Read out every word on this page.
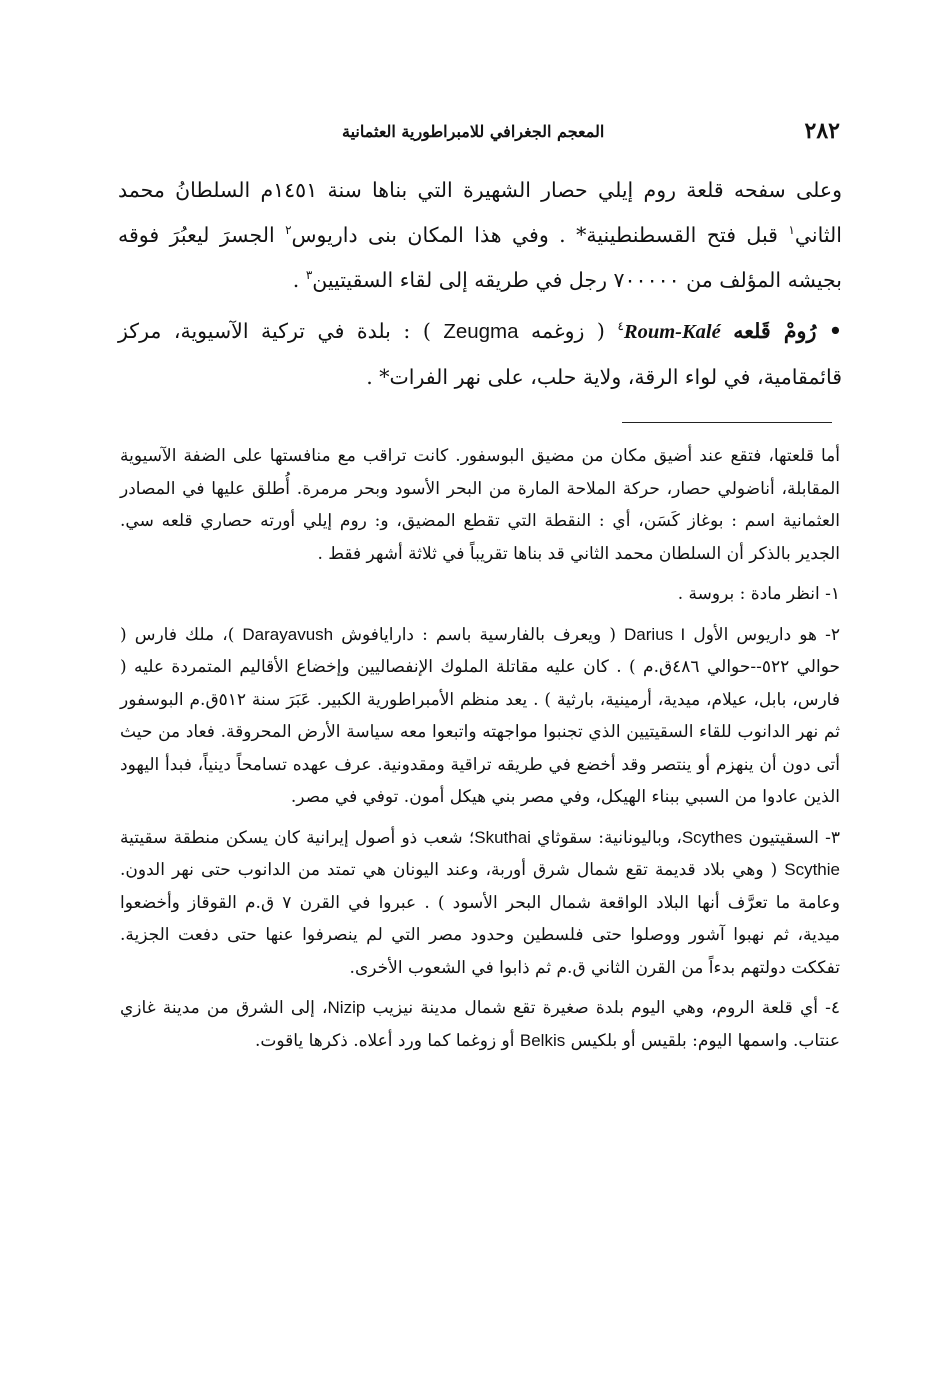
٢٨٢
المعجم الجغرافي للامبراطورية العثمانية

وعلى سفحه قلعة روم إيلي حصار الشهيرة التي بناها سنة ١٤٥١م السلطانُ محمد الثاني$^١$ قبل فتح القسطنطينية* . وفي هذا المكان بنى داريوس$^٢$ الجسرَ ليعبُرَ فوقه بجيشه المؤلف من ٧٠٠٠٠٠ رجل في طريقه إلى لقاء السقيتيين$^٣$ .

• رُومْ قَلعه Roum-Kalé$^٤$ ( زوغمه Zeugma ) : بلدة في تركية الآسيوية، مركز قائمقامية، في لواء الرقة، ولاية حلب، على نهر الفرات* .

أما قلعتها، فتقع عند أضيق مكان من مضيق البوسفور. كانت تراقب مع منافستها على الضفة الآسيوية المقابلة، أناضولي حصار، حركة الملاحة المارة من البحر الأسود وبحر مرمرة. أُطلق عليها في المصادر العثمانية اسم : بوغاز كَسَن، أي : النقطة التي تقطع المضيق، و: روم إيلي أورته حصاري قلعه سي. الجدير بالذكر أن السلطان محمد الثاني قد بناها تقريباً في ثلاثة أشهر فقط .

١- انظر مادة : بروسة .

٢- هو داريوس الأول Darius I ( ويعرف بالفارسية باسم : دارايافوش Darayavush )، ملك فارس ( حوالي ٥٢٢--حوالي ٤٨٦ق.م ) . كان عليه مقاتلة الملوك الإنفصاليين وإخضاع الأقاليم المتمردة عليه ( فارس، بابل، عيلام، ميدية، أرمينية، بارثية ) . يعد منظم الأمبراطورية الكبير. عَبَرَ سنة ٥١٢ق.م البوسفور ثم نهر الدانوب للقاء السقيتيين الذي تجنبوا مواجهته واتبعوا معه سياسة الأرض المحروقة. فعاد من حيث أتى دون أن ينهزم أو ينتصر وقد أخضع في طريقه تراقية ومقدونية. عرف عهده تسامحاً دينياً، فبدأ اليهود الذين عادوا من السبي ببناء الهيكل، وفي مصر بني هيكل أمون. توفي في مصر.

٣- السقيتيون Scythes، وباليونانية: سقوثاي Skuthai؛ شعب ذو أصول إيرانية كان يسكن منطقة سقيتية Scythie ( وهي بلاد قديمة تقع شمال شرق أوربة، وعند اليونان هي تمتد من الدانوب حتى نهر الدون. وعامة ما تعرَّف أنها البلاد الواقعة شمال البحر الأسود ) . عبروا في القرن ٧ ق.م القوقاز وأخضعوا ميدية، ثم نهبوا آشور ووصلوا حتى فلسطين وحدود مصر التي لم ينصرفوا عنها حتى دفعت الجزية. تفككت دولتهم بدءاً من القرن الثاني ق.م ثم ذابوا في الشعوب الأخرى.

٤- أي قلعة الروم، وهي اليوم بلدة صغيرة تقع شمال مدينة نيزيب Nizip، إلى الشرق من مدينة غازي عنتاب. واسمها اليوم: بلقيس أو بلكيس Belkis أو زوغما كما ورد أعلاه. ذكرها ياقوت.
